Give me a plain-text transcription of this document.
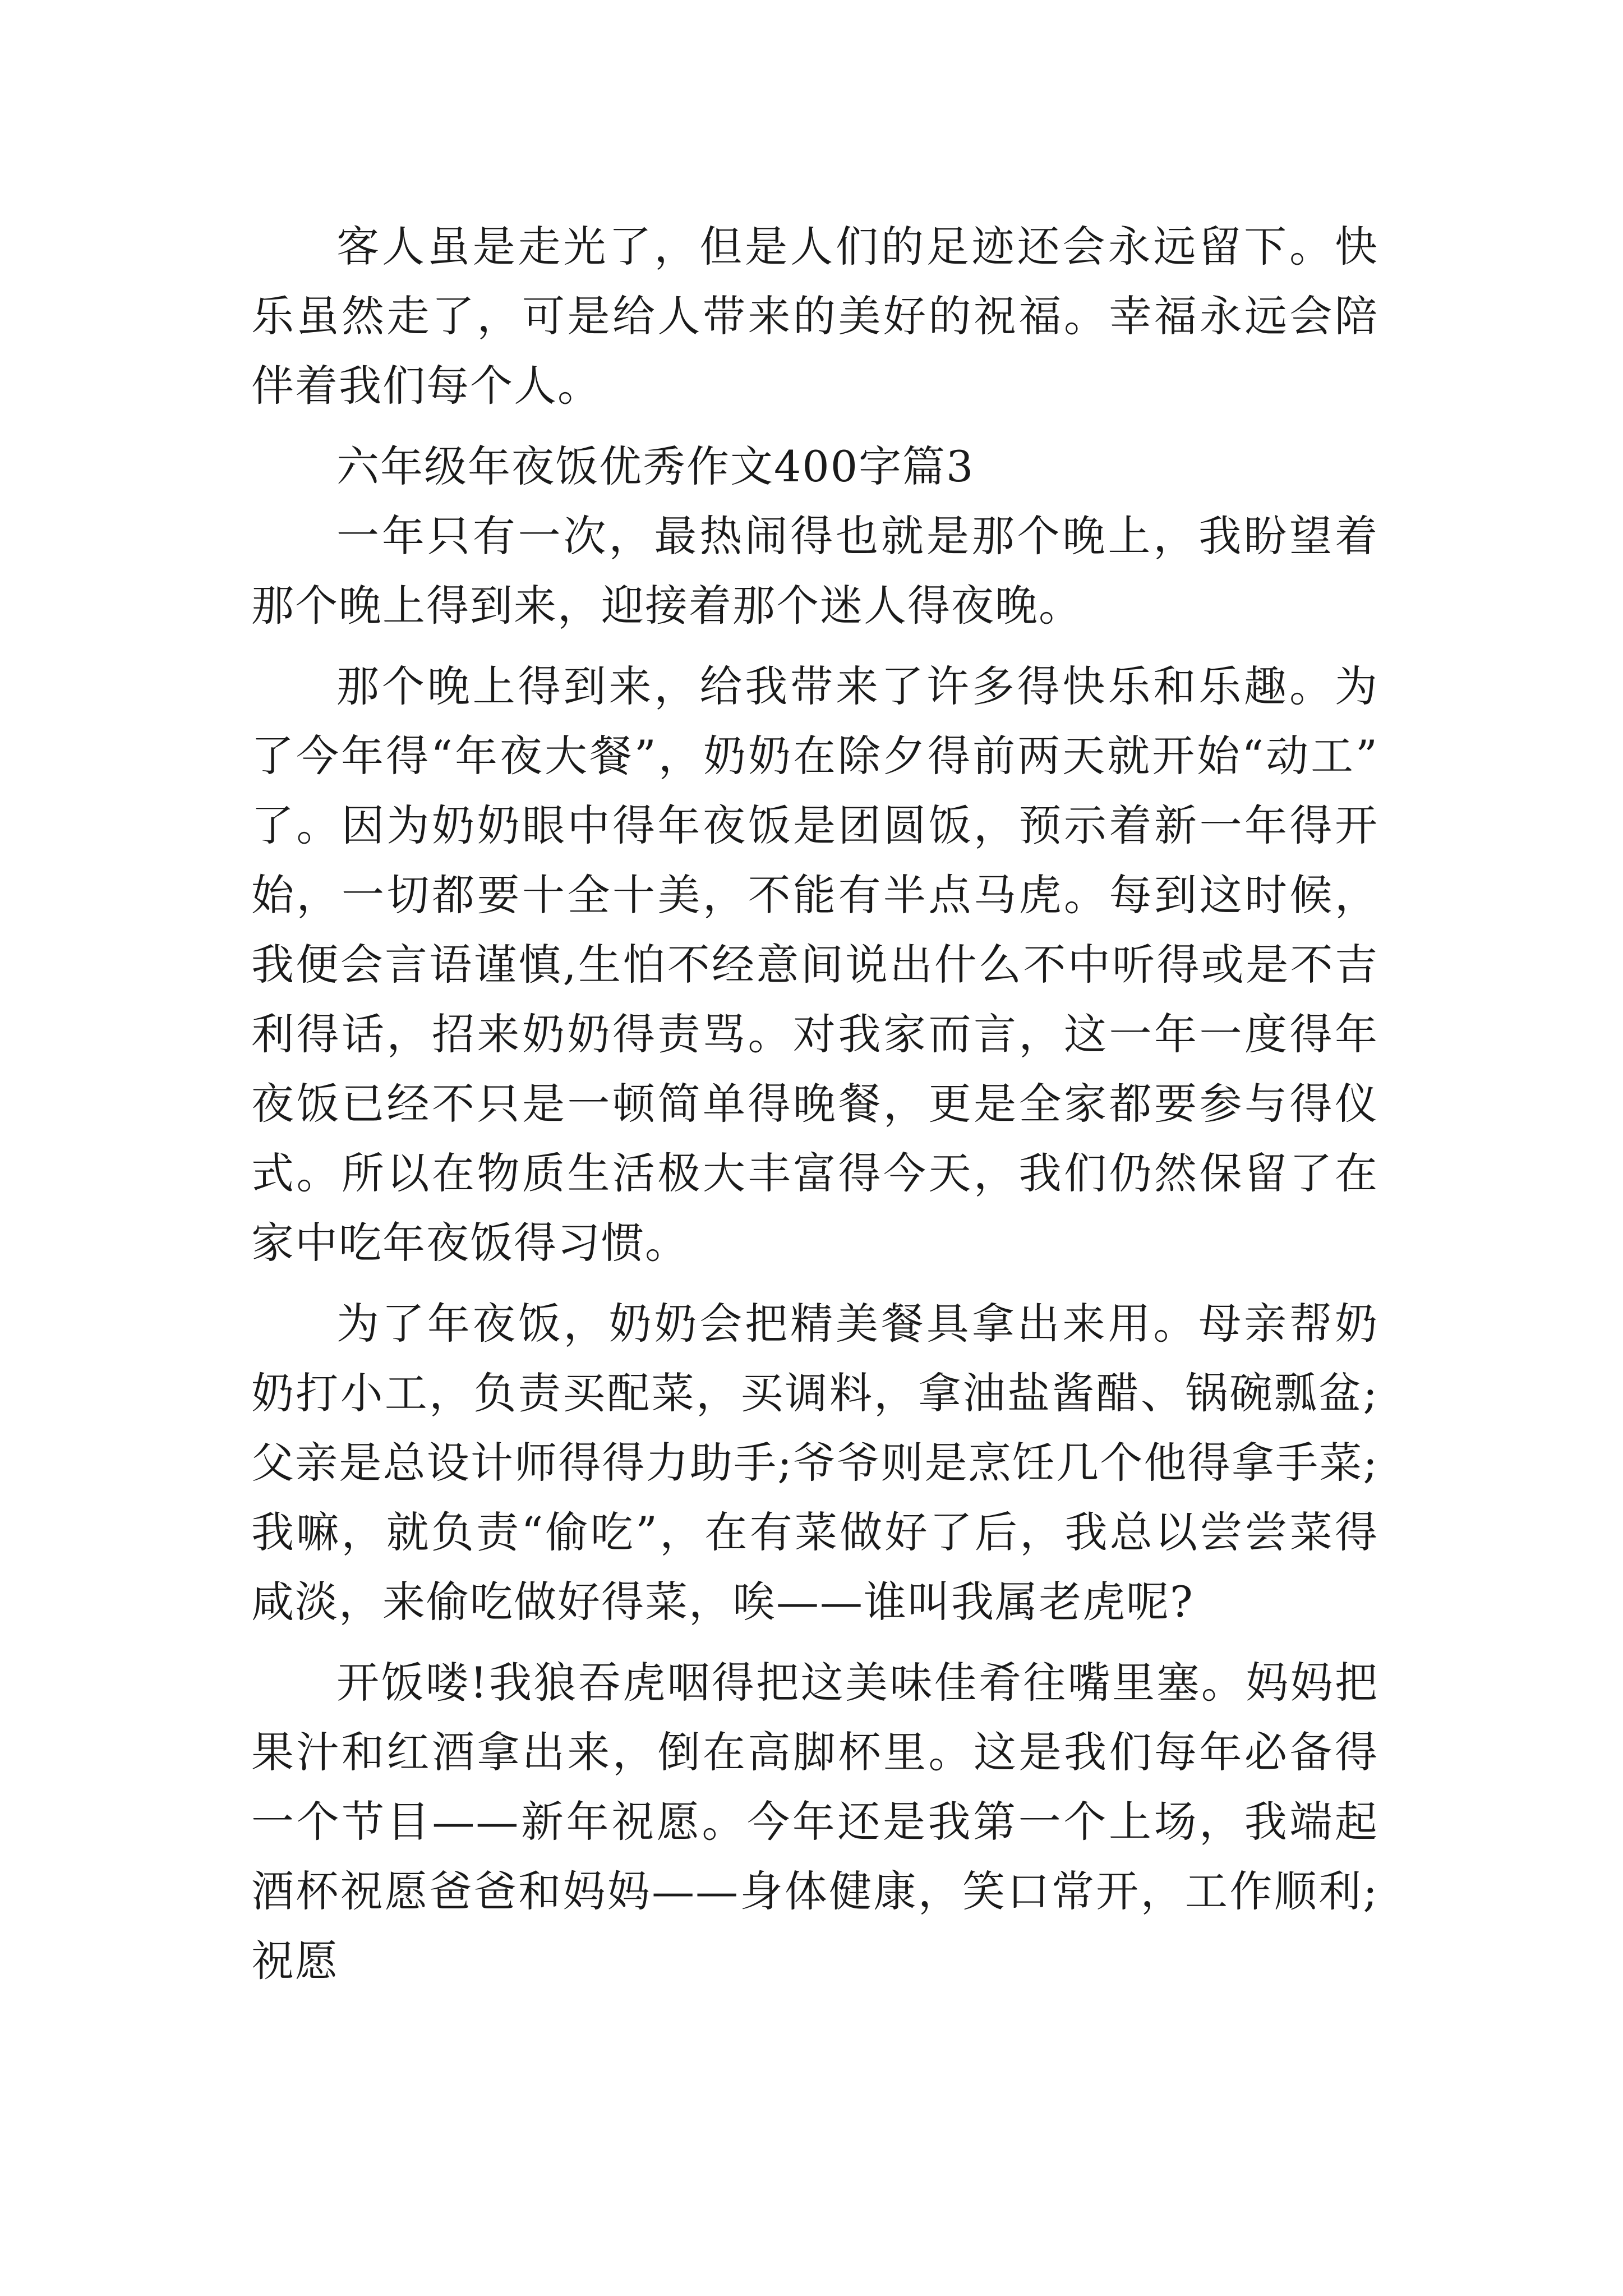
客人虽是走光了，但是人们的足迹还会永远留下。快乐虽然走了，可是给人带来的美好的祝福。幸福永远会陪伴着我们每个人。

六年级年夜饭优秀作文400字篇3

一年只有一次，最热闹得也就是那个晚上，我盼望着那个晚上得到来，迎接着那个迷人得夜晚。

那个晚上得到来，给我带来了许多得快乐和乐趣。为了今年得“年夜大餐”，奶奶在除夕得前两天就开始“动工”了。因为奶奶眼中得年夜饭是团圆饭，预示着新一年得开始，一切都要十全十美，不能有半点马虎。每到这时候，我便会言语谨慎,生怕不经意间说出什么不中听得或是不吉利得话，招来奶奶得责骂。对我家而言，这一年一度得年夜饭已经不只是一顿简单得晚餐，更是全家都要参与得仪式。所以在物质生活极大丰富得今天，我们仍然保留了在家中吃年夜饭得习惯。

为了年夜饭，奶奶会把精美餐具拿出来用。母亲帮奶奶打小工，负责买配菜，买调料，拿油盐酱醋、锅碗瓢盆;父亲是总设计师得得力助手;爷爷则是烹饪几个他得拿手菜;我嘛，就负责“偷吃”，在有菜做好了后，我总以尝尝菜得咸淡，来偷吃做好得菜，唉——谁叫我属老虎呢?

开饭喽!我狼吞虎咽得把这美味佳肴往嘴里塞。妈妈把果汁和红酒拿出来，倒在高脚杯里。这是我们每年必备得一个节目——新年祝愿。今年还是我第一个上场，我端起酒杯祝愿爸爸和妈妈——身体健康，笑口常开，工作顺利;祝愿
